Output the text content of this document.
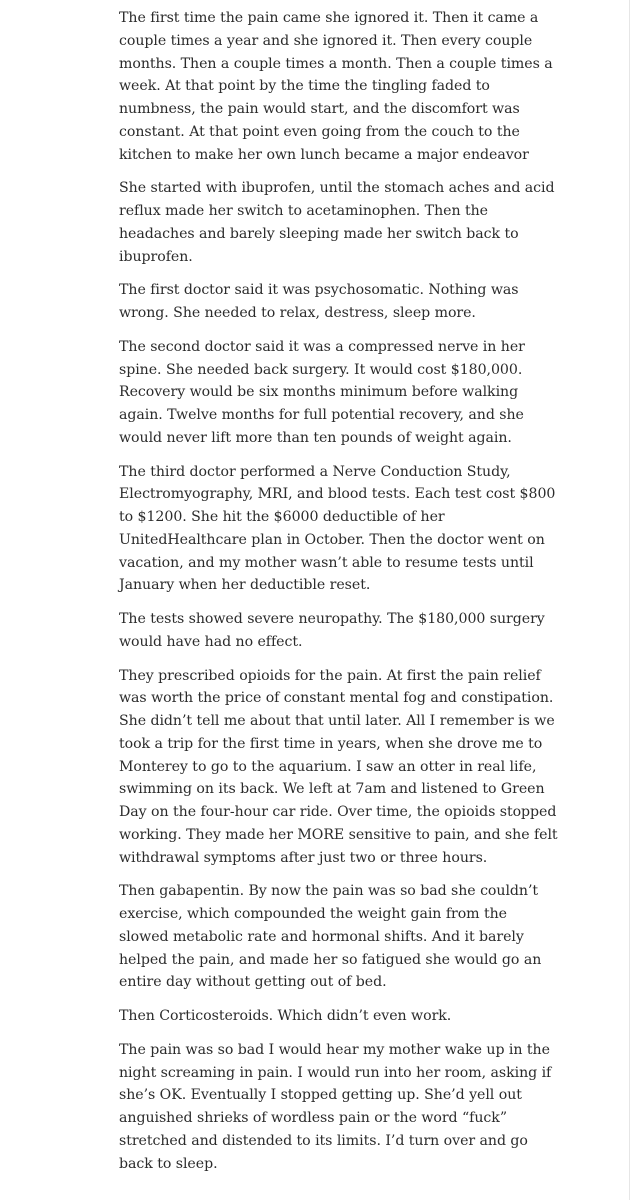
The first time the pain came she ignored it. Then it came a couple times a year and she ignored it. Then every couple months. Then a couple times a month. Then a couple times a week. At that point by the time the tingling faded to numbness, the pain would start, and the discomfort was constant. At that point even going from the couch to the kitchen to make her own lunch became a major endeavor

She started with ibuprofen, until the stomach aches and acid reflux made her switch to acetaminophen. Then the headaches and barely sleeping made her switch back to ibuprofen.

The first doctor said it was psychosomatic. Nothing was wrong. She needed to relax, destress, sleep more.

The second doctor said it was a compressed nerve in her spine. She needed back surgery. It would cost $180,000. Recovery would be six months minimum before walking again. Twelve months for full potential recovery, and she would never lift more than ten pounds of weight again.

The third doctor performed a Nerve Conduction Study, Electromyography, MRI, and blood tests. Each test cost $800 to $1200. She hit the $6000 deductible of her UnitedHealthcare plan in October. Then the doctor went on vacation, and my mother wasn’t able to resume tests until January when her deductible reset.

The tests showed severe neuropathy. The $180,000 surgery would have had no effect.

They prescribed opioids for the pain. At first the pain relief was worth the price of constant mental fog and constipation. She didn’t tell me about that until later. All I remember is we took a trip for the first time in years, when she drove me to Monterey to go to the aquarium. I saw an otter in real life, swimming on its back. We left at 7am and listened to Green Day on the four-hour car ride. Over time, the opioids stopped working. They made her MORE sensitive to pain, and she felt withdrawal symptoms after just two or three hours.

Then gabapentin. By now the pain was so bad she couldn’t exercise, which compounded the weight gain from the slowed metabolic rate and hormonal shifts. And it barely helped the pain, and made her so fatigued she would go an entire day without getting out of bed.

Then Corticosteroids. Which didn’t even work.

The pain was so bad I would hear my mother wake up in the night screaming in pain. I would run into her room, asking if she’s OK. Eventually I stopped getting up. She’d yell out anguished shrieks of wordless pain or the word “fuck” stretched and distended to its limits. I’d turn over and go back to sleep.
